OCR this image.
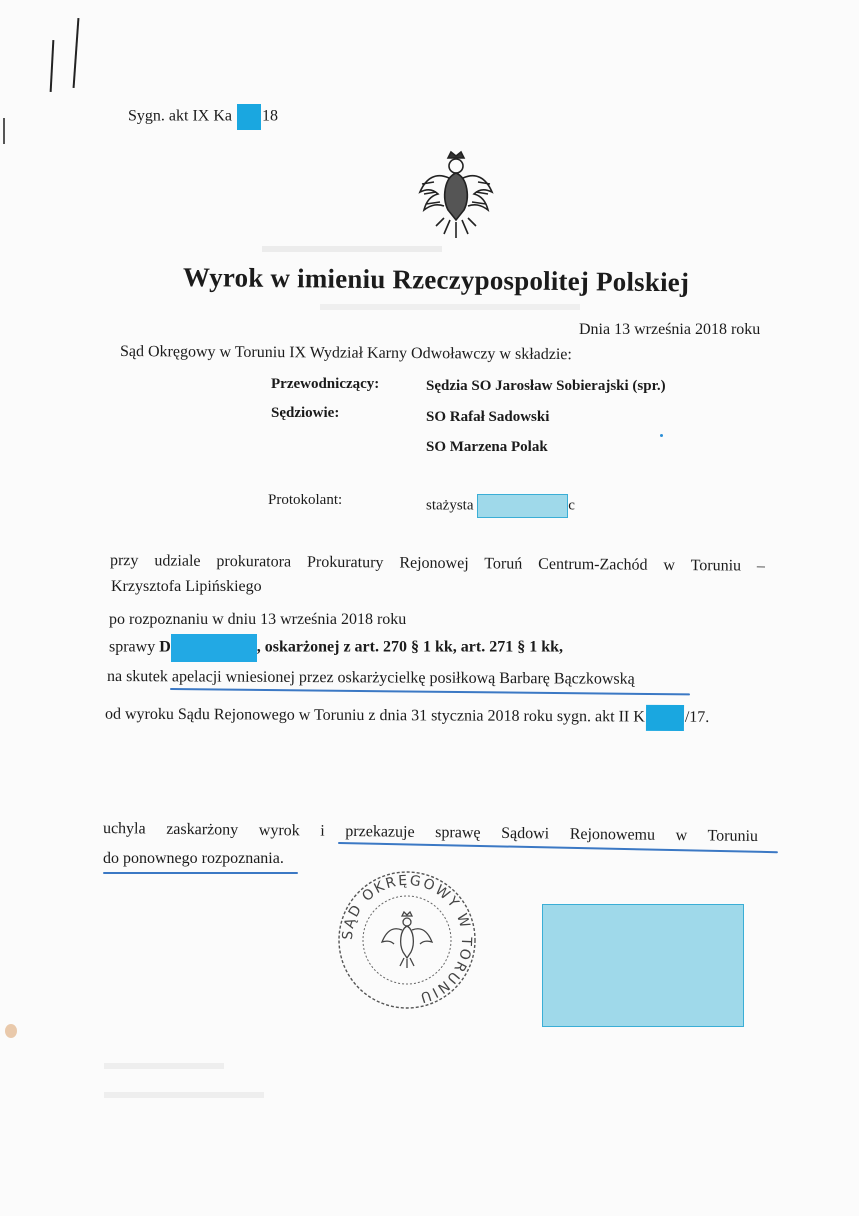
Sygn. akt IX Ka 18
Wyrok w imieniu Rzeczypospolitej Polskiej
Dnia 13 września 2018 roku
Sąd Okręgowy w Toruniu IX Wydział Karny Odwoławczy w składzie:
Przewodniczący:	Sędzia SO Jarosław Sobierajski (spr.)
Sędziowie:	SO Rafał Sadowski
SO Marzena Polak
Protokolant:	stażysta	c
przy udziale prokuratora Prokuratury Rejonowej Toruń Centrum-Zachód w Toruniu –
Krzysztofa Lipińskiego
po rozpoznaniu w dniu 13 września 2018 roku
sprawy D	, oskarżonej z art. 270 § 1 kk, art. 271 § 1 kk,
na skutek apelacji wniesionej przez oskarżycielkę posiłkową Barbarę Bączkowską
od wyroku Sądu Rejonowego w Toruniu z dnia 31 stycznia 2018 roku sygn. akt II K /17.
uchyla zaskarżony wyrok i przekazuje sprawę Sądowi Rejonowemu w Toruniu
do ponownego rozpoznania.
SĄD OKRĘGOWY W TORUNIU
